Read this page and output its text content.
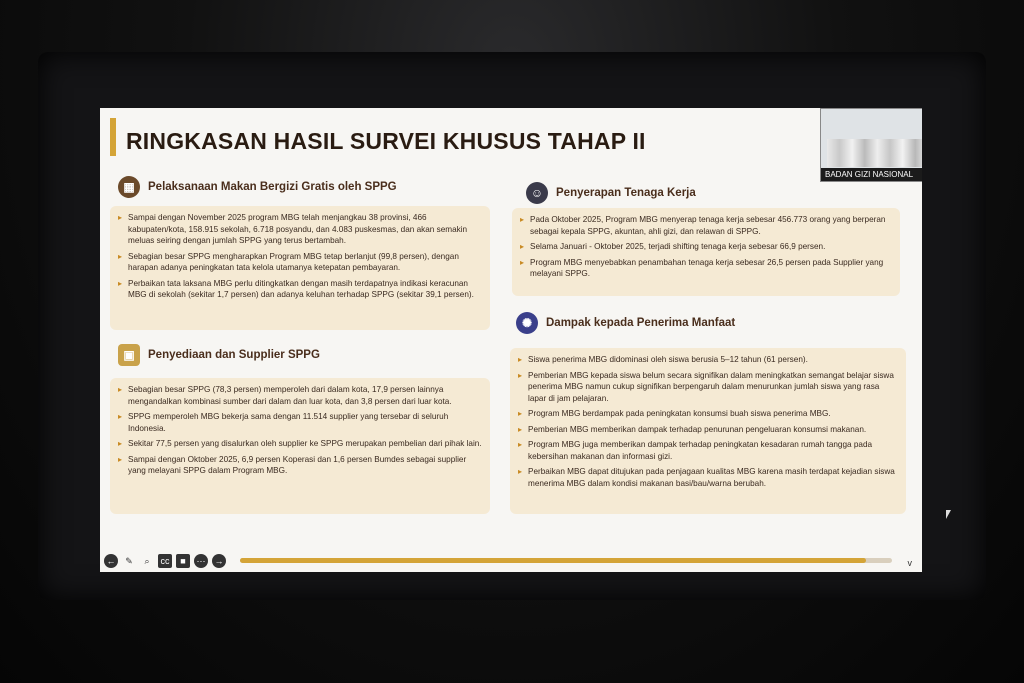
RINGKASAN HASIL SURVEI KHUSUS TAHAP II
BADAN GIZI NASIONAL
▦	Pelaksanaan Makan Bergizi Gratis oleh SPPG
▸ Sampai dengan November 2025 program MBG telah menjangkau 38 provinsi, 466 kabupaten/kota, 158.915 sekolah, 6.718 posyandu, dan 4.083 puskesmas, dan akan semakin meluas seiring dengan jumlah SPPG yang terus bertambah.
▸ Sebagian besar SPPG mengharapkan Program MBG tetap berlanjut (99,8 persen), dengan harapan adanya peningkatan tata kelola utamanya ketepatan pembayaran.
▸ Perbaikan tata laksana MBG perlu ditingkatkan dengan masih terdapatnya indikasi keracunan MBG di sekolah (sekitar 1,7 persen) dan adanya keluhan terhadap SPPG (sekitar 39,1 persen).
▣	Penyediaan dan Supplier SPPG
▸ Sebagian besar SPPG (78,3 persen) memperoleh dari dalam kota, 17,9 persen lainnya mengandalkan kombinasi sumber dari dalam dan luar kota, dan 3,8 persen dari luar kota.
▸ SPPG memperoleh MBG bekerja sama dengan 11.514 supplier yang tersebar di seluruh Indonesia.
▸ Sekitar 77,5 persen yang disalurkan oleh supplier ke SPPG merupakan pembelian dari pihak lain.
▸ Sampai dengan Oktober 2025, 6,9 persen Koperasi dan 1,6 persen Bumdes sebagai supplier yang melayani SPPG dalam Program MBG.
☺	Penyerapan Tenaga Kerja
▸ Pada Oktober 2025, Program MBG menyerap tenaga kerja sebesar 456.773 orang yang berperan sebagai kepala SPPG, akuntan, ahli gizi, dan relawan di SPPG.
▸ Selama Januari - Oktober 2025, terjadi shifting tenaga kerja sebesar 66,9 persen.
▸ Program MBG menyebabkan penambahan tenaga kerja sebesar 26,5 persen pada Supplier yang melayani SPPG.
✺	Dampak kepada Penerima Manfaat
▸ Siswa penerima MBG didominasi oleh siswa berusia 5–12 tahun (61 persen).
▸ Pemberian MBG kepada siswa belum secara signifikan dalam meningkatkan semangat belajar siswa penerima MBG namun cukup signifikan berpengaruh dalam menurunkan jumlah siswa yang rasa lapar di jam pelajaran.
▸ Program MBG berdampak pada peningkatan konsumsi buah siswa penerima MBG.
▸ Pemberian MBG memberikan dampak terhadap penurunan pengeluaran konsumsi makanan.
▸ Program MBG juga memberikan dampak terhadap peningkatan kesadaran rumah tangga pada kebersihan makanan dan informasi gizi.
▸ Perbaikan MBG dapat ditujukan pada penjagaan kualitas MBG karena masih terdapat kejadian siswa menerima MBG dalam kondisi makanan basi/bau/warna berubah.
←	✎	⌕	cc	■	⋯ →	v
